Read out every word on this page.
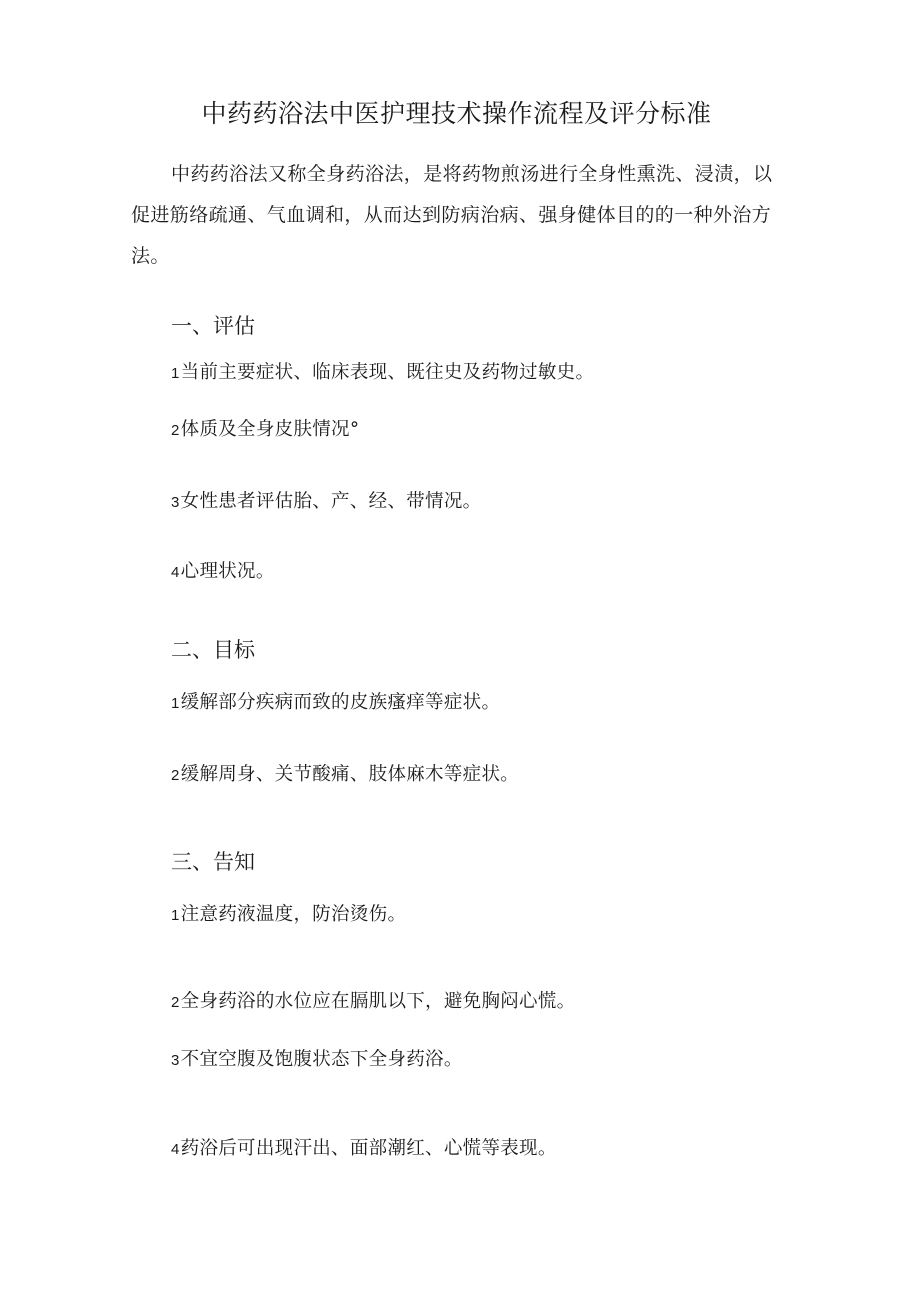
中药药浴法中医护理技术操作流程及评分标准
中药药浴法又称全身药浴法，是将药物煎汤进行全身性熏洗、浸渍，以促进筋络疏通、气血调和，从而达到防病治病、强身健体目的的一种外治方法。
一、评估
1当前主要症状、临床表现、既往史及药物过敏史。
2体质及全身皮肤情况°
3女性患者评估胎、产、经、带情况。
4心理状况。
二、目标
1缓解部分疾病而致的皮族瘙痒等症状。
2缓解周身、关节酸痛、肢体麻木等症状。
三、告知
1注意药液温度，防治烫伤。
2全身药浴的水位应在膈肌以下，避免胸闷心慌。
3不宜空腹及饱腹状态下全身药浴。
4药浴后可出现汗出、面部潮红、心慌等表现。
